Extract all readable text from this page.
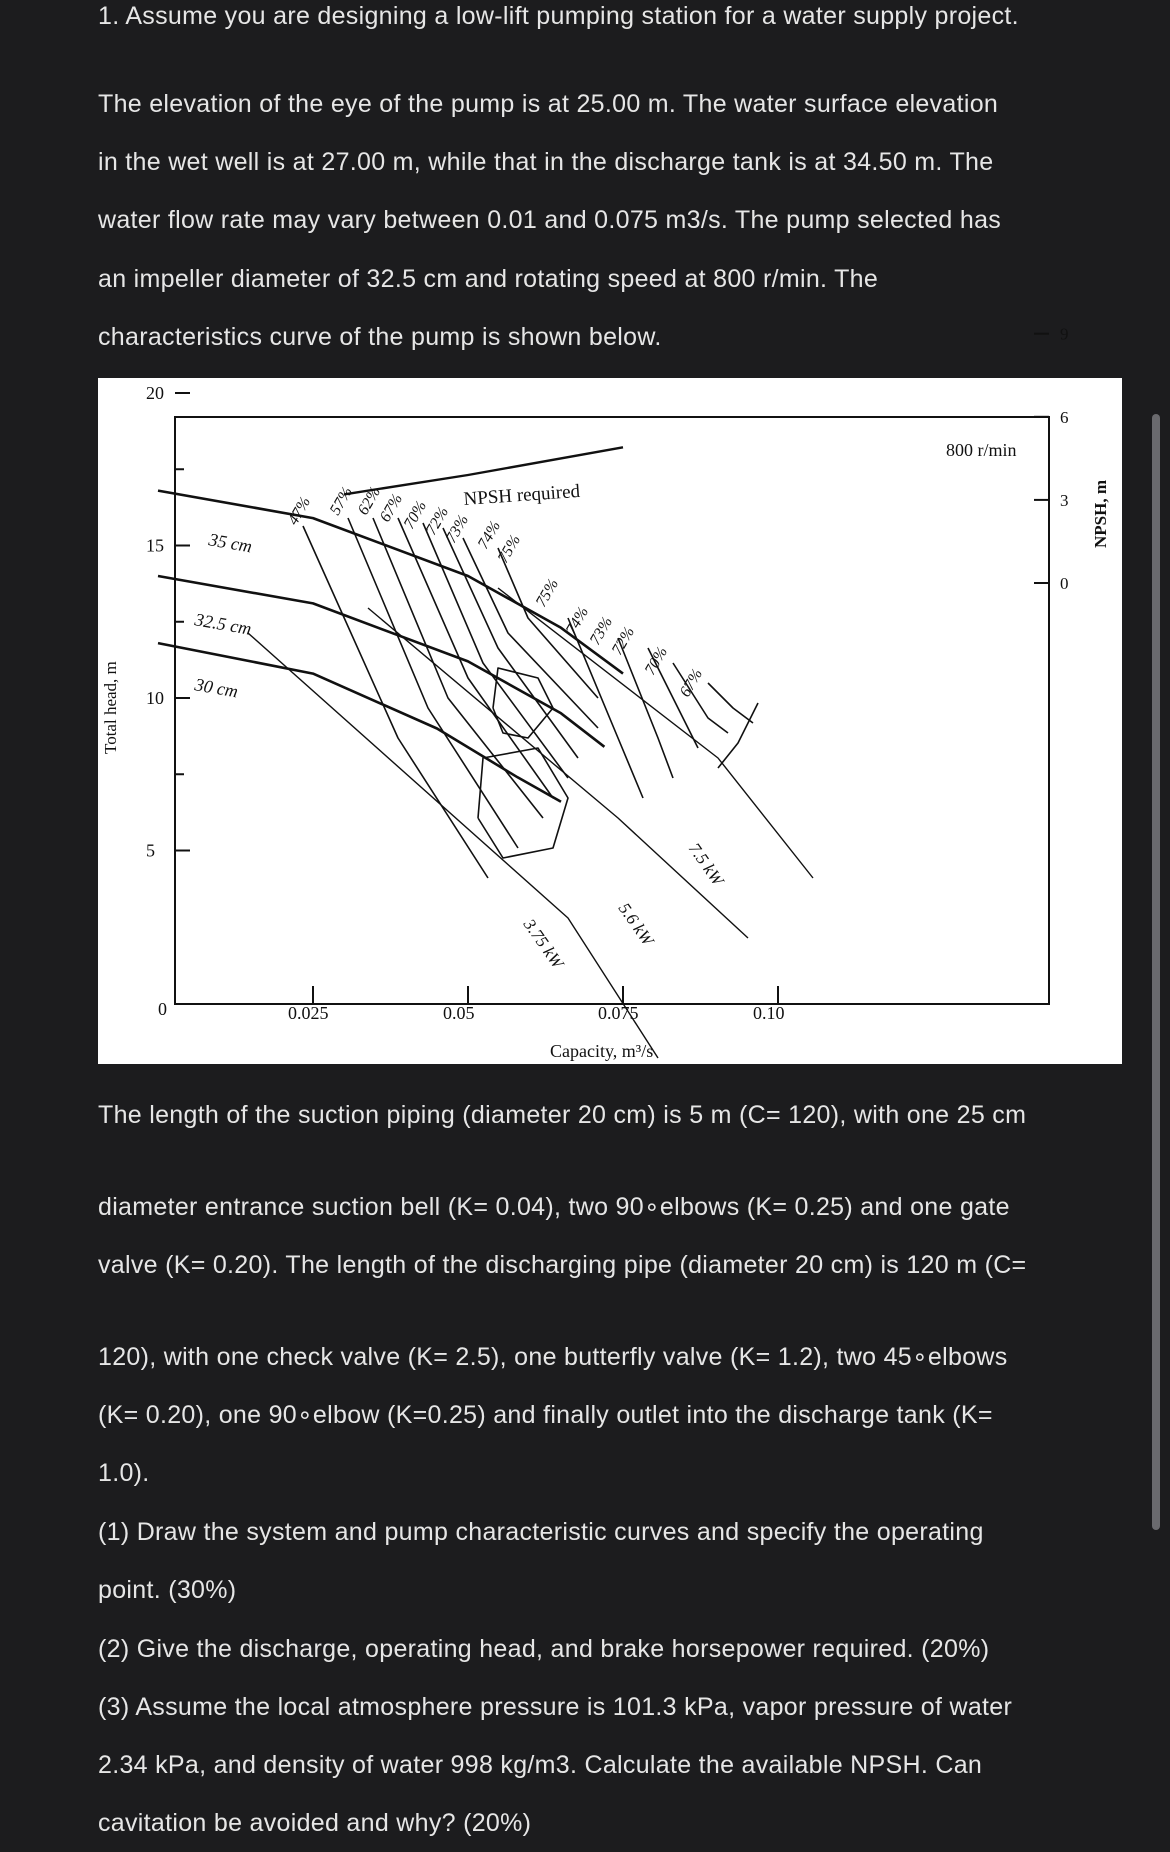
1. Assume you are designing a low-lift pumping station for a water supply project.

The elevation of the eye of the pump is at 25.00 m. The water surface elevation

in the wet well is at 27.00 m, while that in the discharge tank is at 34.50 m. The

water flow rate may vary between 0.01 and 0.075 m3/s. The pump selected has

an impeller diameter of 32.5 cm and rotating speed at 800 r/min. The

characteristics curve of the pump is shown below.

0.025	0.05	0.075	0.10
0
5
10
15
20
0
3
6
9
47% 57%
62%
67%
70%
72%
73% 74%
75%
75%
74%
73%
72%
70%
67%
3.75 kW	5.6 kW
7.5 kW
Total head, m
NPSH, m
Capacity, m³/s
800 r/min
NPSH required
35 cm
32.5 cm
30 cm

The length of the suction piping (diameter 20 cm) is 5 m (C= 120), with one 25 cm

diameter entrance suction bell (K= 0.04), two 90∘elbows (K= 0.25) and one gate

valve (K= 0.20). The length of the discharging pipe (diameter 20 cm) is 120 m (C=

120), with one check valve (K= 2.5), one butterfly valve (K= 1.2), two 45∘elbows

(K= 0.20), one 90∘elbow (K=0.25) and finally outlet into the discharge tank (K=

1.0).

(1) Draw the system and pump characteristic curves and specify the operating

point. (30%)

(2) Give the discharge, operating head, and brake horsepower required. (20%)

(3) Assume the local atmosphere pressure is 101.3 kPa, vapor pressure of water

2.34 kPa, and density of water 998 kg/m3. Calculate the available NPSH. Can

cavitation be avoided and why? (20%)
